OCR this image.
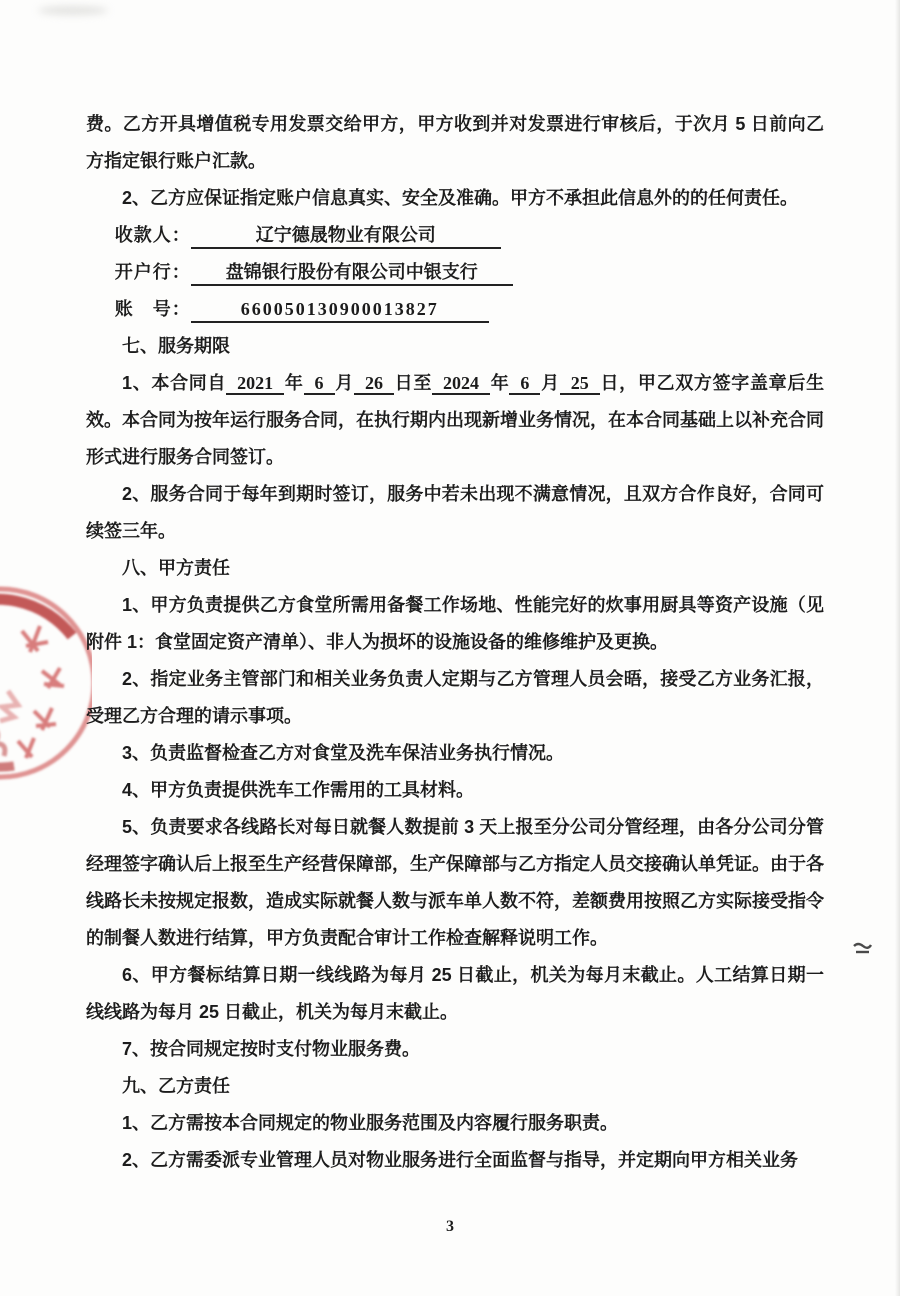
费。乙方开具增值税专用发票交给甲方，甲方收到并对发票进行审核后，于次月 5 日前向乙方指定银行账户汇款。

2、乙方应保证指定账户信息真实、安全及准确。甲方不承担此信息外的的任何责任。

收款人：	辽宁德晟物业有限公司

开户行： 盘锦银行股份有限公司中银支行

账　号：	660050130900013827

七、服务期限

1、本合同自 2021 年 6 月 26 日至 2024 年 6 月 25 日，甲乙双方签字盖章后生效。本合同为按年运行服务合同，在执行期内出现新增业务情况，在本合同基础上以补充合同形式进行服务合同签订。

2、服务合同于每年到期时签订，服务中若未出现不满意情况，且双方合作良好，合同可续签三年。

八、甲方责任

1、甲方负责提供乙方食堂所需用备餐工作场地、性能完好的炊事用厨具等资产设施（见附件 1：食堂固定资产清单）、非人为损坏的设施设备的维修维护及更换。

2、指定业务主管部门和相关业务负责人定期与乙方管理人员会晤，接受乙方业务汇报，受理乙方合理的请示事项。

3、负责监督检查乙方对食堂及洗车保洁业务执行情况。

4、甲方负责提供洗车工作需用的工具材料。

5、负责要求各线路长对每日就餐人数提前 3 天上报至分公司分管经理，由各分公司分管经理签字确认后上报至生产经营保障部，生产保障部与乙方指定人员交接确认单凭证。由于各线路长未按规定报数，造成实际就餐人数与派车单人数不符，差额费用按照乙方实际接受指令的制餐人数进行结算，甲方负责配合审计工作检查解释说明工作。

6、甲方餐标结算日期一线线路为每月 25 日截止，机关为每月末截止。人工结算日期一线线路为每月 25 日截止，机关为每月末截止。

7、按合同规定按时支付物业服务费。

九、乙方责任

1、乙方需按本合同规定的物业服务范围及内容履行服务职责。

2、乙方需委派专业管理人员对物业服务进行全面监督与指导，并定期向甲方相关业务

3
